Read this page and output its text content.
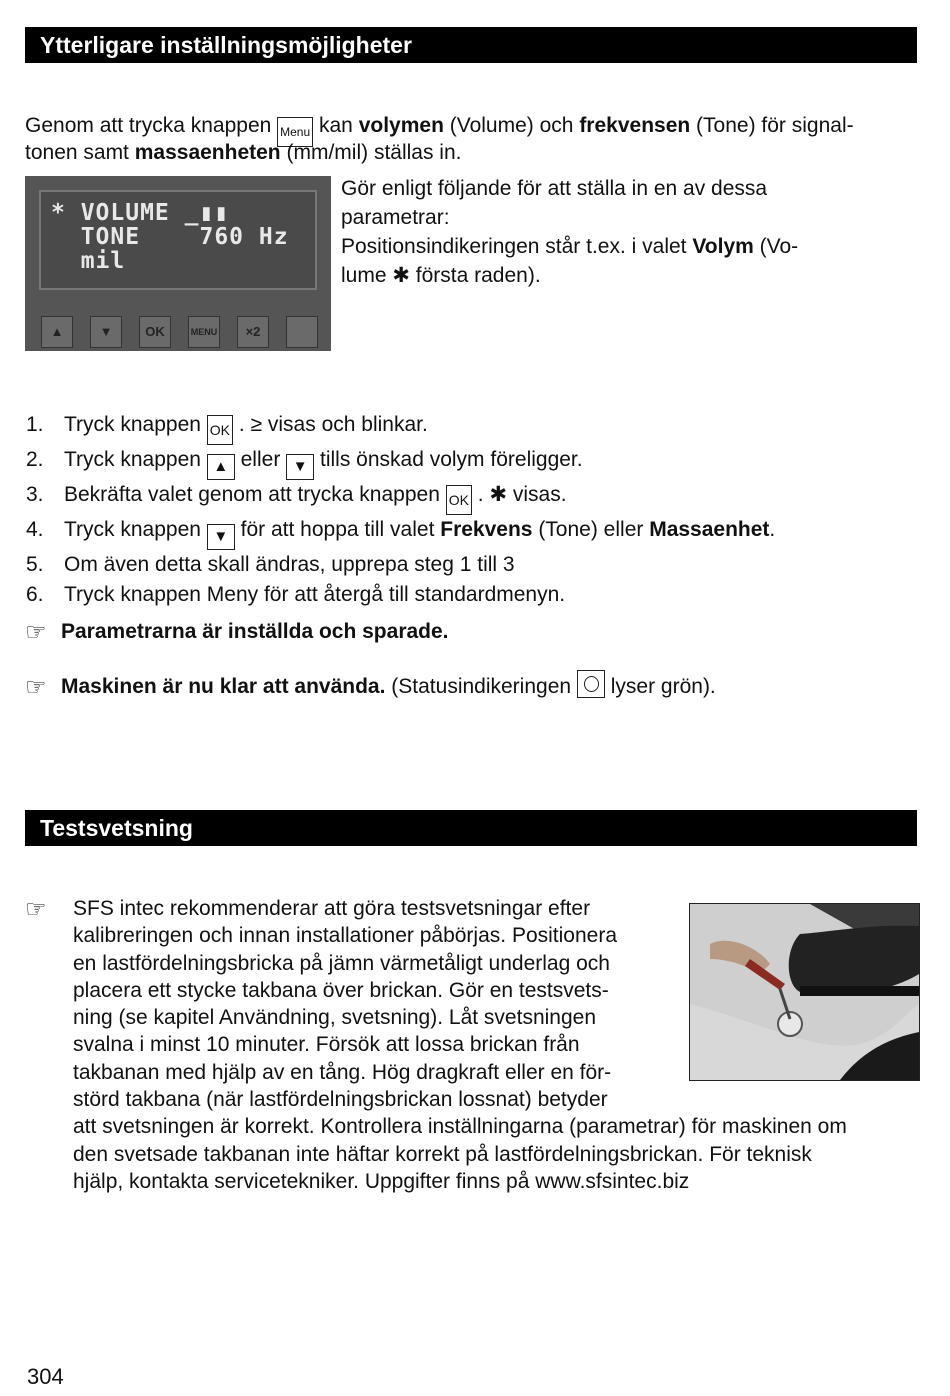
Ytterligare inställningsmöjligheter
Genom att trycka knappen Menu kan volymen (Volume) och frekvensen (Tone) för signal-
tonen samt massaenheten (mm/mil) ställas in.
* VOLUME _▮▮
TONE    760 Hz
mil
▲	▼	OK	MENU	×2
Gör enligt följande för att ställa in en av dessa
parametrar:
Positionsindikeringen står t.ex. i valet Volym (Vo-
lume ✱ första raden).
1. Tryck knappen OK . ≥ visas och blinkar.
2. Tryck knappen ▲ eller ▼ tills önskad volym föreligger.
3. Bekräfta valet genom att trycka knappen OK . ✱ visas.
4. Tryck knappen ▼ för att hoppa till valet Frekvens (Tone) eller Massaenhet.
5. Om även detta skall ändras, upprepa steg 1 till 3
6. Tryck knappen Meny för att återgå till standardmenyn.
☞ Parametrarna är inställda och sparade.
☞ Maskinen är nu klar att använda. (Statusindikeringen  lyser grön).
Testsvetsning
☞	SFS intec rekommenderar att göra testsvetsningar efter
kalibreringen och innan installationer påbörjas. Positionera
en lastfördelningsbricka på jämn värmetåligt underlag och
placera ett stycke takbana över brickan. Gör en testsvets-
ning (se kapitel Användning, svetsning). Låt svetsningen
svalna i minst 10 minuter. Försök att lossa brickan från
takbanan med hjälp av en tång. Hög dragkraft eller en för-
störd takbana (när lastfördelningsbrickan lossnat) betyder
att svetsningen är korrekt. Kontrollera inställningarna (parametrar) för maskinen om
den svetsade takbanan inte häftar korrekt på lastfördelningsbrickan. För teknisk
hjälp, kontakta servicetekniker. Uppgifter finns på www.sfsintec.biz
304
